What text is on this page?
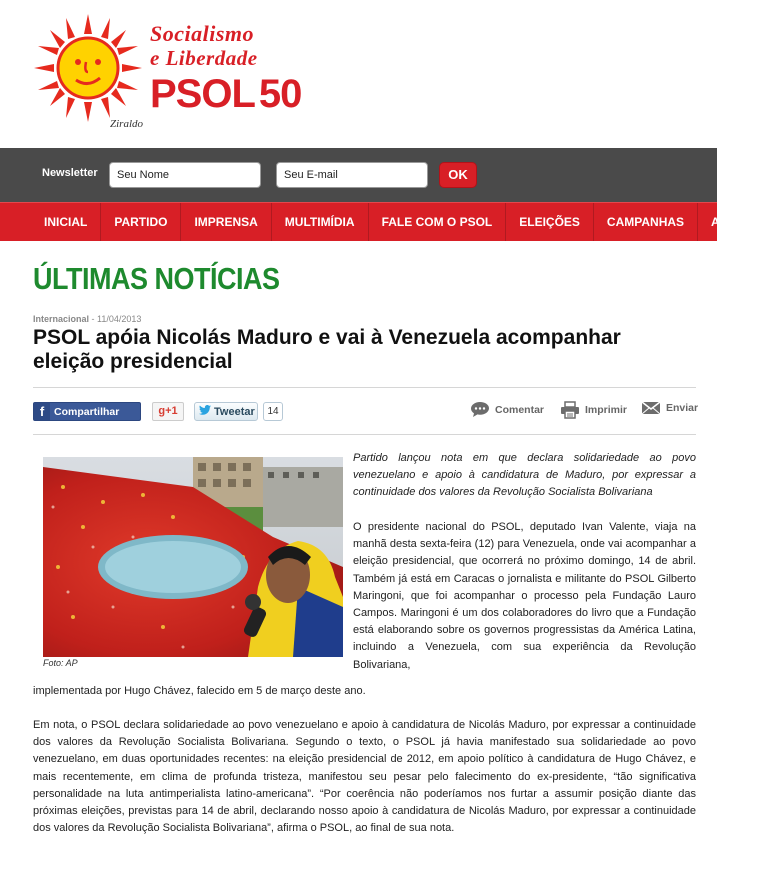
Socialismo
e Liberdade
PSOL 50
Ziraldo
Newsletter
Seu Nome
Seu E-mail	OK
INICIAL	PARTIDO	IMPRENSA	MULTIMÍDIA	FALE COM O PSOL	ELEIÇÕES	CAMPANHAS	AGENDA
ÚLTIMAS NOTÍCIAS
Internacional - 11/04/2013
PSOL apóia Nicolás Maduro e vai à Venezuela acompanhar eleição presidencial
f Compartilhar	g+1	Tweetar	14	Comentar	Imprimir	Enviar
Foto: AP

Partido lançou nota em que declara solidariedade ao povo venezuelano e apoio à candidatura de Maduro, por expressar a continuidade dos valores da Revolução Socialista Bolivariana

O presidente nacional do PSOL, deputado Ivan Valente, viaja na manhã desta sexta-feira (12) para Venezuela, onde vai acompanhar a eleição presidencial, que ocorrerá no próximo domingo, 14 de abril. Também já está em Caracas o jornalista e militante do PSOL Gilberto Maringoni, que foi acompanhar o processo pela Fundação Lauro Campos. Maringoni é um dos colaboradores do livro que a Fundação está elaborando sobre os governos progressistas da América Latina, incluindo a Venezuela, com sua experiência da Revolução Bolivariana,

implementada por Hugo Chávez, falecido em 5 de março deste ano.

Em nota, o PSOL declara solidariedade ao povo venezuelano e apoio à candidatura de Nicolás Maduro, por expressar a continuidade dos valores da Revolução Socialista Bolivariana. Segundo o texto, o PSOL já havia manifestado sua solidariedade ao povo venezuelano, em duas oportunidades recentes: na eleição presidencial de 2012, em apoio político à candidatura de Hugo Chávez, e mais recentemente, em clima de profunda tristeza, manifestou seu pesar pelo falecimento do ex-presidente, “tão significativa personalidade na luta antimperialista latino-americana”. “Por coerência não poderíamos nos furtar a assumir posição diante das próximas eleições, previstas para 14 de abril, declarando nosso apoio à candidatura de Nicolás Maduro, por expressar a continuidade dos valores da Revolução Socialista Bolivariana”, afirma o PSOL, ao final de sua nota.
